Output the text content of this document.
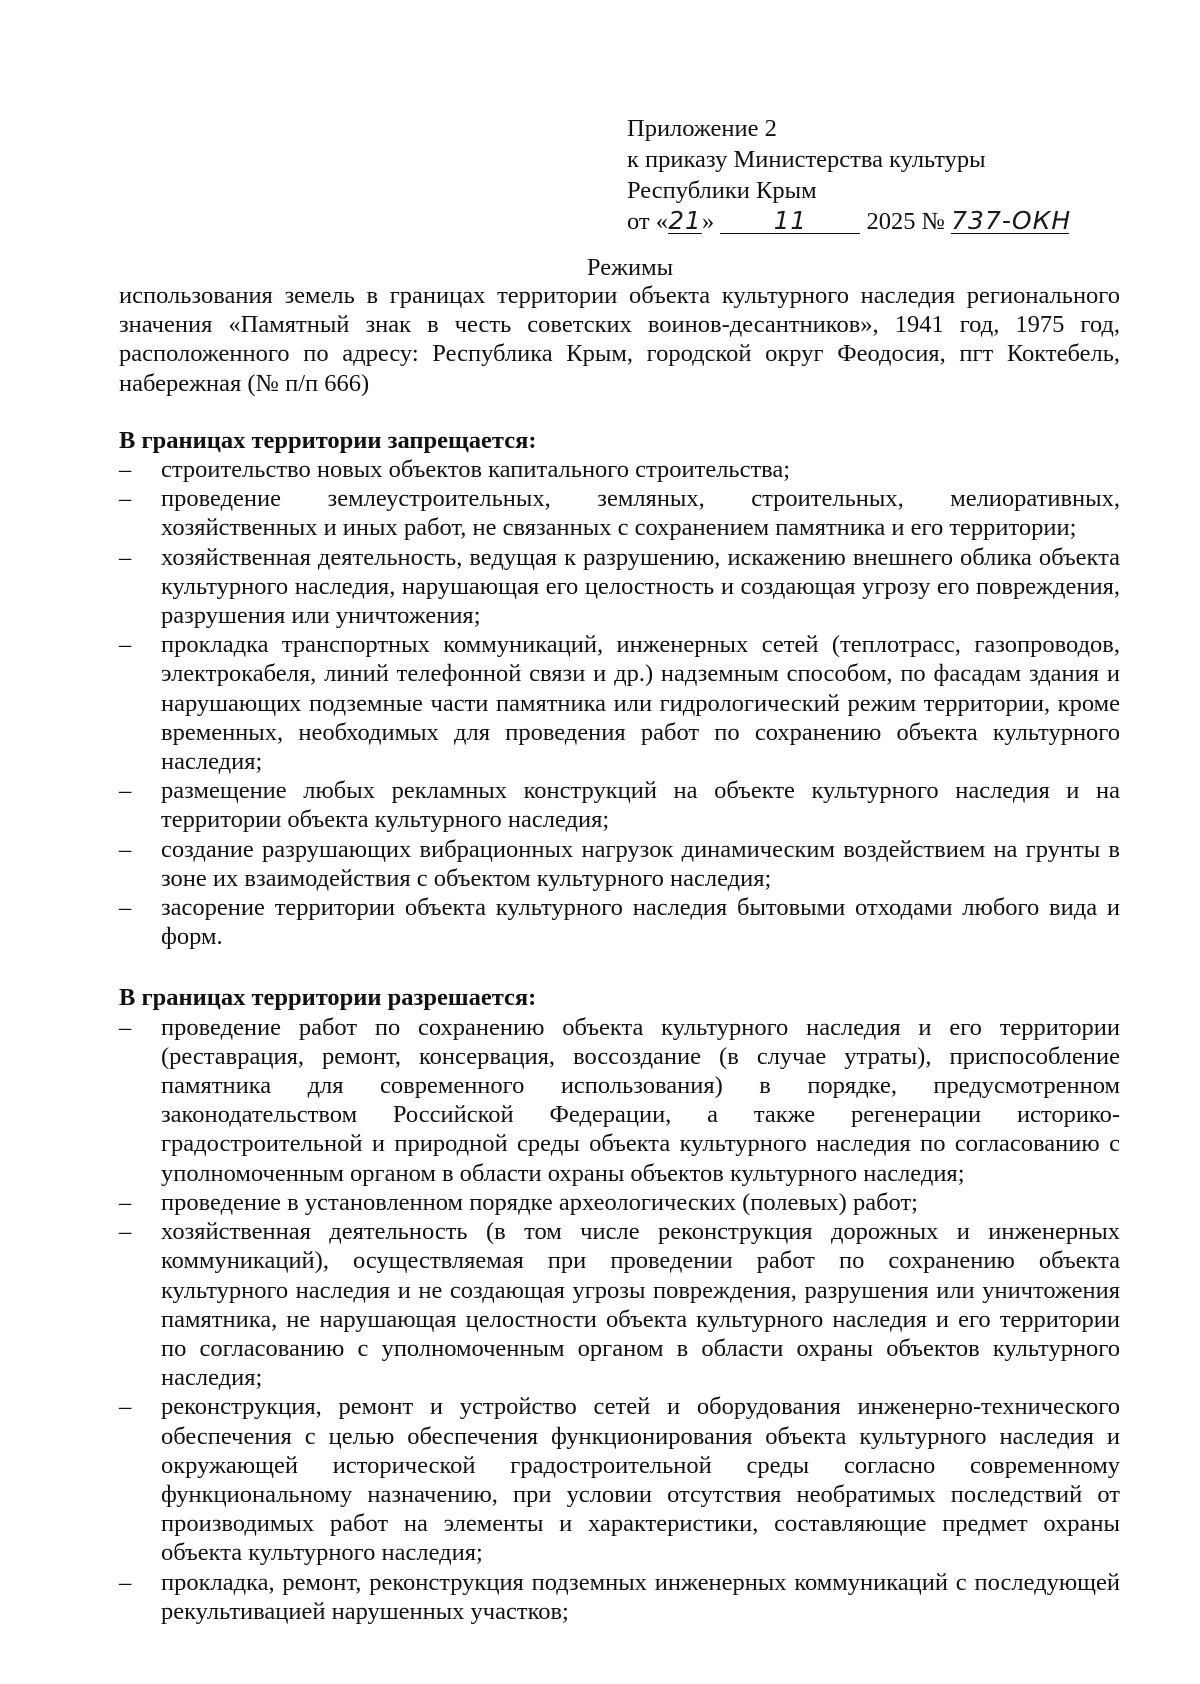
Приложение 2
к приказу Министерства культуры
Республики Крым
от «21» 11 2025 № 737-ОКН
Режимы

использования земель в границах территории объекта культурного наследия регионального значения «Памятный знак в честь советских воинов-десантников», 1941 год, 1975 год, расположенного по адресу: Республика Крым, городской округ Феодосия, пгт Коктебель, набережная (№ п/п 666)

В границах территории запрещается:
– строительство новых объектов капитального строительства;
– проведение землеустроительных, земляных, строительных, мелиоративных, хозяйственных и иных работ, не связанных с сохранением памятника и его территории;
– хозяйственная деятельность, ведущая к разрушению, искажению внешнего облика объекта культурного наследия, нарушающая его целостность и создающая угрозу его повреждения, разрушения или уничтожения;
– прокладка транспортных коммуникаций, инженерных сетей (теплотрасс, газопроводов, электрокабеля, линий телефонной связи и др.) надземным способом, по фасадам здания и нарушающих подземные части памятника или гидрологический режим территории, кроме временных, необходимых для проведения работ по сохранению объекта культурного наследия;
– размещение любых рекламных конструкций на объекте культурного наследия и на территории объекта культурного наследия;
– создание разрушающих вибрационных нагрузок динамическим воздействием на грунты в зоне их взаимодействия с объектом культурного наследия;
– засорение территории объекта культурного наследия бытовыми отходами любого вида и форм.
В границах территории разрешается:
– проведение работ по сохранению объекта культурного наследия и его территории (реставрация, ремонт, консервация, воссоздание (в случае утраты), приспособление памятника для современного использования) в порядке, предусмотренном законодательством Российской Федерации, а также регенерации историко-градостроительной и природной среды объекта культурного наследия по согласованию с уполномоченным органом в области охраны объектов культурного наследия;
– проведение в установленном порядке археологических (полевых) работ;
– хозяйственная деятельность (в том числе реконструкция дорожных и инженерных коммуникаций), осуществляемая при проведении работ по сохранению объекта культурного наследия и не создающая угрозы повреждения, разрушения или уничтожения памятника, не нарушающая целостности объекта культурного наследия и его территории по согласованию с уполномоченным органом в области охраны объектов культурного наследия;
– реконструкция, ремонт и устройство сетей и оборудования инженерно-технического обеспечения с целью обеспечения функционирования объекта культурного наследия и окружающей исторической градостроительной среды согласно современному функциональному назначению, при условии отсутствия необратимых последствий от производимых работ на элементы и характеристики, составляющие предмет охраны объекта культурного наследия;
– прокладка, ремонт, реконструкция подземных инженерных коммуникаций с последующей рекультивацией нарушенных участков;
